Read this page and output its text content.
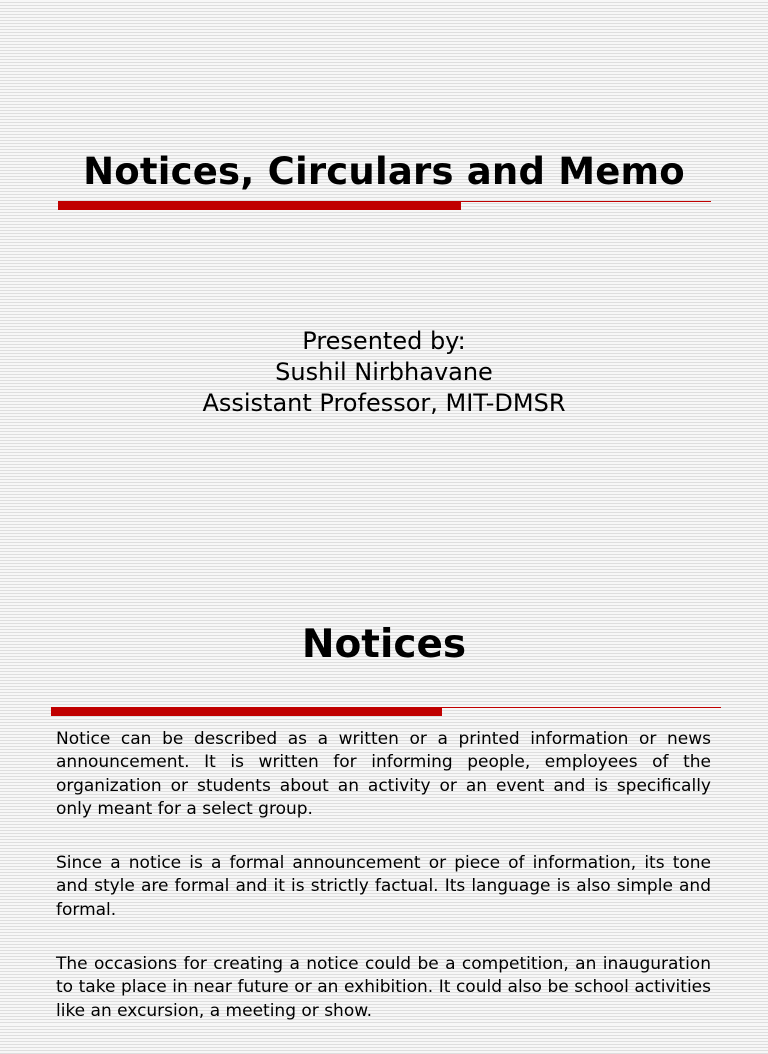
Notices, Circulars and Memo
Presented by:
Sushil Nirbhavane
Assistant Professor, MIT-DMSR
Notices

Notice can be described as a written or a printed information or news announcement. It is written for informing people, employees of the organization or students about an activity or an event and is specifically only meant for a select group.

Since a notice is a formal announcement or piece of information, its tone and style are formal and it is strictly factual. Its language is also simple and formal.

The occasions for creating a notice could be a competition, an inauguration to take place in near future or an exhibition. It could also be school activities like an excursion, a meeting or show.
